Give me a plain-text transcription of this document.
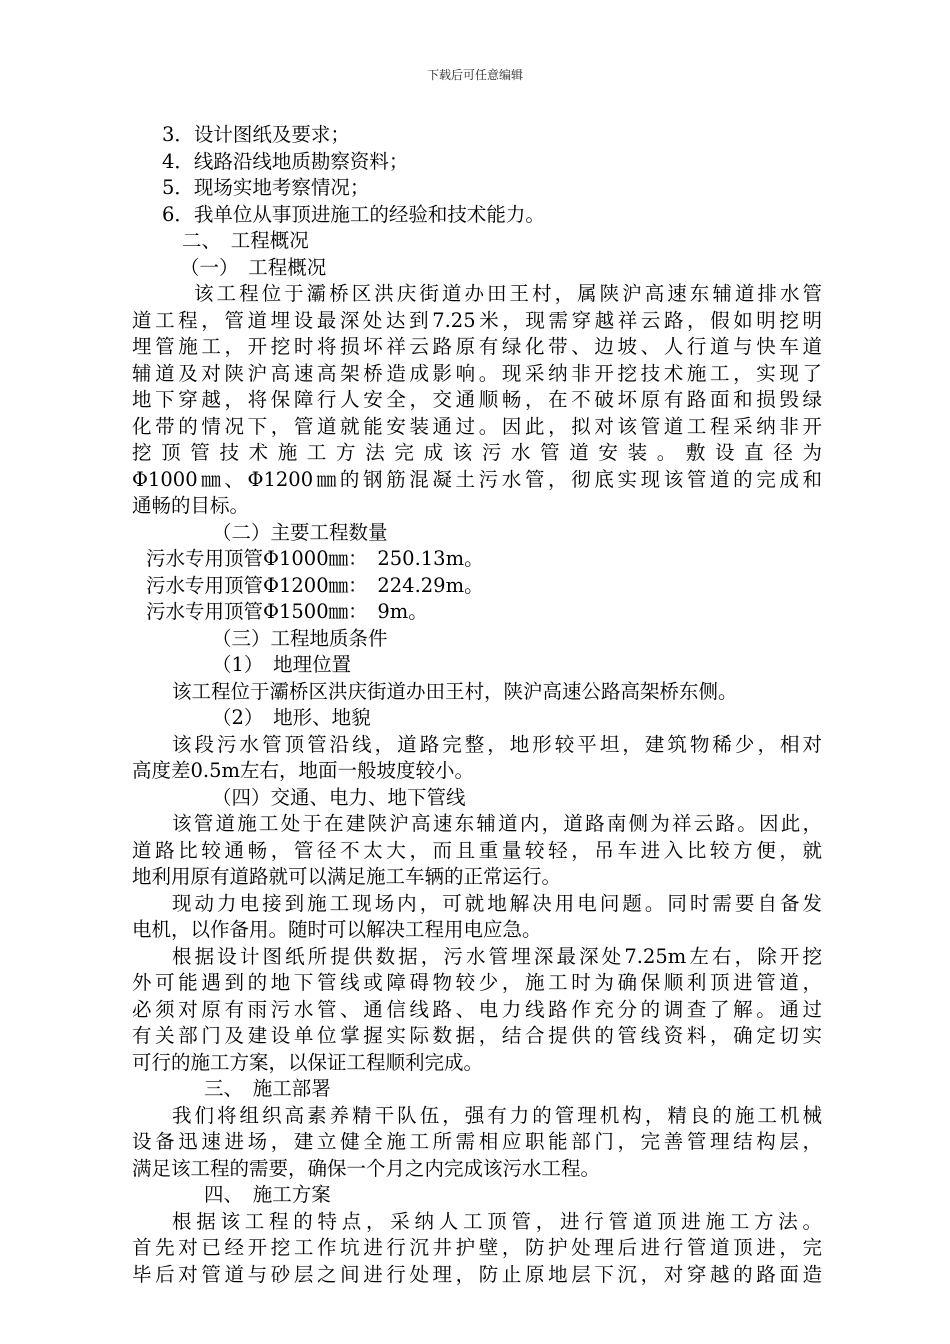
下载后可任意编辑
3．设计图纸及要求；
4．线路沿线地质勘察资料；
5．现场实地考察情况；
6．我单位从事顶进施工的经验和技术能力。
二、　工程概况
（一）　工程概况
该工程位于灞桥区洪庆街道办田王村，属陕沪高速东辅道排水管
道工程，管道埋设最深处达到7.25米，现需穿越祥云路，假如明挖明
埋管施工，开挖时将损坏祥云路原有绿化带、边坡、人行道与快车道
辅道及对陕沪高速高架桥造成影响。现采纳非开挖技术施工，实现了
地下穿越，将保障行人安全，交通顺畅，在不破坏原有路面和损毁绿
化带的情况下，管道就能安装通过。因此，拟对该管道工程采纳非开
挖顶管技术施工方法完成该污水管道安装。敷设直径为
Φ1000㎜、Φ1200㎜的钢筋混凝土污水管，彻底实现该管道的完成和
通畅的目标。
（二）主要工程数量
污水专用顶管Φ1000㎜：　250.13m。
污水专用顶管Φ1200㎜：　224.29m。
污水专用顶管Φ1500㎜：　9m。
（三）工程地质条件
（1）　地理位置
该工程位于灞桥区洪庆街道办田王村，陕沪高速公路高架桥东侧。
（2）　地形、地貌
该段污水管顶管沿线，道路完整，地形较平坦，建筑物稀少，相对
高度差0.5m左右，地面一般坡度较小。
（四）交通、电力、地下管线
该管道施工处于在建陕沪高速东辅道内，道路南侧为祥云路。因此，
道路比较通畅，管径不太大，而且重量较轻，吊车进入比较方便，就
地利用原有道路就可以满足施工车辆的正常运行。
现动力电接到施工现场内，可就地解决用电问题。同时需要自备发
电机，以作备用。随时可以解决工程用电应急。
根据设计图纸所提供数据，污水管埋深最深处7.25m左右，除开挖
外可能遇到的地下管线或障碍物较少，施工时为确保顺利顶进管道，
必须对原有雨污水管、通信线路、电力线路作充分的调查了解。通过
有关部门及建设单位掌握实际数据，结合提供的管线资料，确定切实
可行的施工方案，以保证工程顺利完成。
三、　施工部署
我们将组织高素养精干队伍，强有力的管理机构，精良的施工机械
设备迅速进场，建立健全施工所需相应职能部门，完善管理结构层，
满足该工程的需要，确保一个月之内完成该污水工程。
四、　施工方案
根据该工程的特点，采纳人工顶管，进行管道顶进施工方法。
首先对已经开挖工作坑进行沉井护壁，防护处理后进行管道顶进，完
毕后对管道与砂层之间进行处理，防止原地层下沉，对穿越的路面造
